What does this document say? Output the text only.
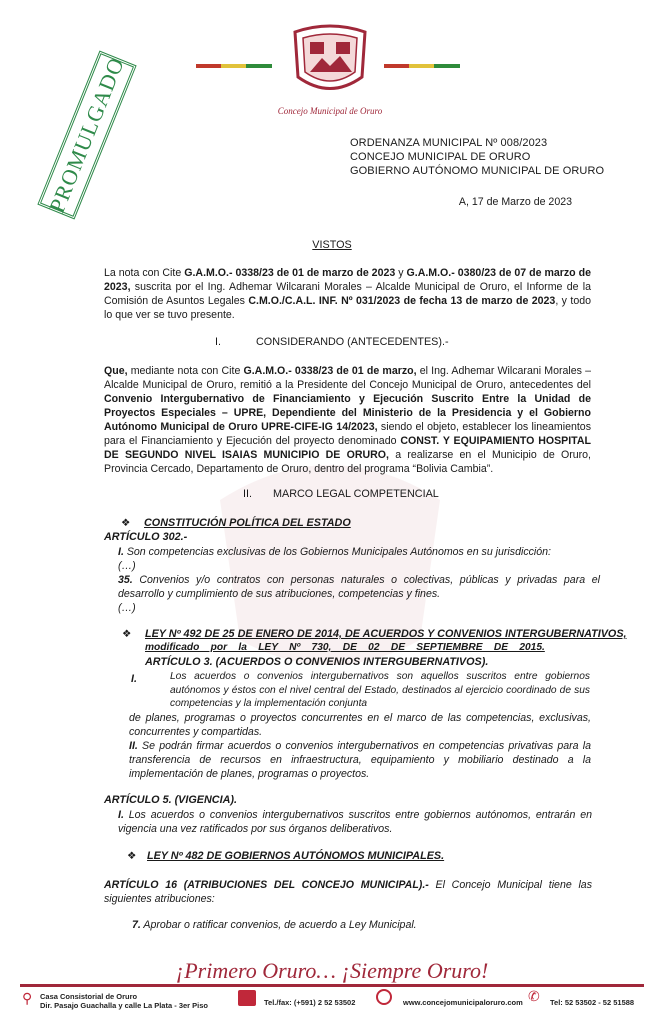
Concejo Municipal de Oruro
PROMULGADO	ORDENANZA MUNICIPAL Nº 008/2023
CONCEJO MUNICIPAL DE ORURO
GOBIERNO AUTÓNOMO MUNICIPAL DE ORURO
A, 17 de Marzo de 2023
VISTOS
La nota con Cite G.A.M.O.- 0338/23 de 01 de marzo de 2023 y G.A.M.O.- 0380/23 de 07 de marzo de 2023, suscrita por el Ing. Adhemar Wilcarani Morales – Alcalde Municipal de Oruro, el Informe de la Comisión de Asuntos Legales C.M.O./C.A.L. INF. Nº 031/2023 de fecha 13 de marzo de 2023, y todo lo que ver se tuvo presente.
I.	CONSIDERANDO (ANTECEDENTES).-
Que, mediante nota con Cite G.A.M.O.- 0338/23 de 01 de marzo, el Ing. Adhemar Wilcarani Morales – Alcalde Municipal de Oruro, remitió a la Presidente del Concejo Municipal de Oruro, antecedentes del Convenio Intergubernativo de Financiamiento y Ejecución Suscrito Entre la Unidad de Proyectos Especiales – UPRE, Dependiente del Ministerio de la Presidencia y el Gobierno Autónomo Municipal de Oruro UPRE-CIFE-IG 14/2023, siendo el objeto, establecer los lineamientos para el Financiamiento y Ejecución del proyecto denominado CONST. Y EQUIPAMIENTO HOSPITAL DE SEGUNDO NIVEL ISAIAS MUNICIPIO DE ORURO, a realizarse en el Municipio de Oruro, Provincia Cercado, Departamento de Oruro, dentro del programa “Bolivia Cambia”.
II. MARCO LEGAL COMPETENCIAL
❖ CONSTITUCIÓN POLÍTICA DEL ESTADO
ARTÍCULO 302.-
I. Son competencias exclusivas de los Gobiernos Municipales Autónomos en su jurisdicción:
(…)
35. Convenios y/o contratos con personas naturales o colectivas, públicas y privadas para el desarrollo y cumplimiento de sus atribuciones, competencias y fines.
(…)
❖ LEY Nº 492 DE 25 DE ENERO DE 2014, DE ACUERDOS Y CONVENIOS INTERGUBERNATIVOS,
modificado    por    la    LEY    Nº    730,    DE    02    DE    SEPTIEMBRE    DE    2015.
ARTÍCULO 3. (ACUERDOS O CONVENIOS INTERGUBERNATIVOS).
I.	Los acuerdos o convenios intergubernativos son aquellos suscritos entre gobiernos autónomos y éstos con el nivel central del Estado, destinados al ejercicio coordinado de sus competencias y la implementación conjunta
de planes, programas o proyectos concurrentes en el marco de las competencias, exclusivas, concurrentes y compartidas.
II. Se podrán firmar acuerdos o convenios intergubernativos en competencias privativas para la transferencia de recursos en infraestructura, equipamiento y mobiliario destinado a la implementación de planes, programas o proyectos.
ARTÍCULO 5. (VIGENCIA).
I. Los acuerdos o convenios intergubernativos suscritos entre gobiernos autónomos, entrarán en vigencia una vez ratificados por sus órganos deliberativos.
❖ LEY Nº 482 DE GOBIERNOS AUTÓNOMOS MUNICIPALES.
ARTÍCULO 16 (ATRIBUCIONES DEL CONCEJO MUNICIPAL).- El Concejo Municipal tiene las siguientes atribuciones:
7. Aprobar o ratificar convenios, de acuerdo a Ley Municipal.
¡Primero Oruro… ¡Siempre Oruro!
⚲ Casa Consistorial de Oruro
Dir. Pasajo Guachalla y calle La Plata - 3er Piso	Tel./fax: (+591) 2 52 53502	www.concejomunicipaloruro.com ✆ Tel: 52 53502 - 52 51588
